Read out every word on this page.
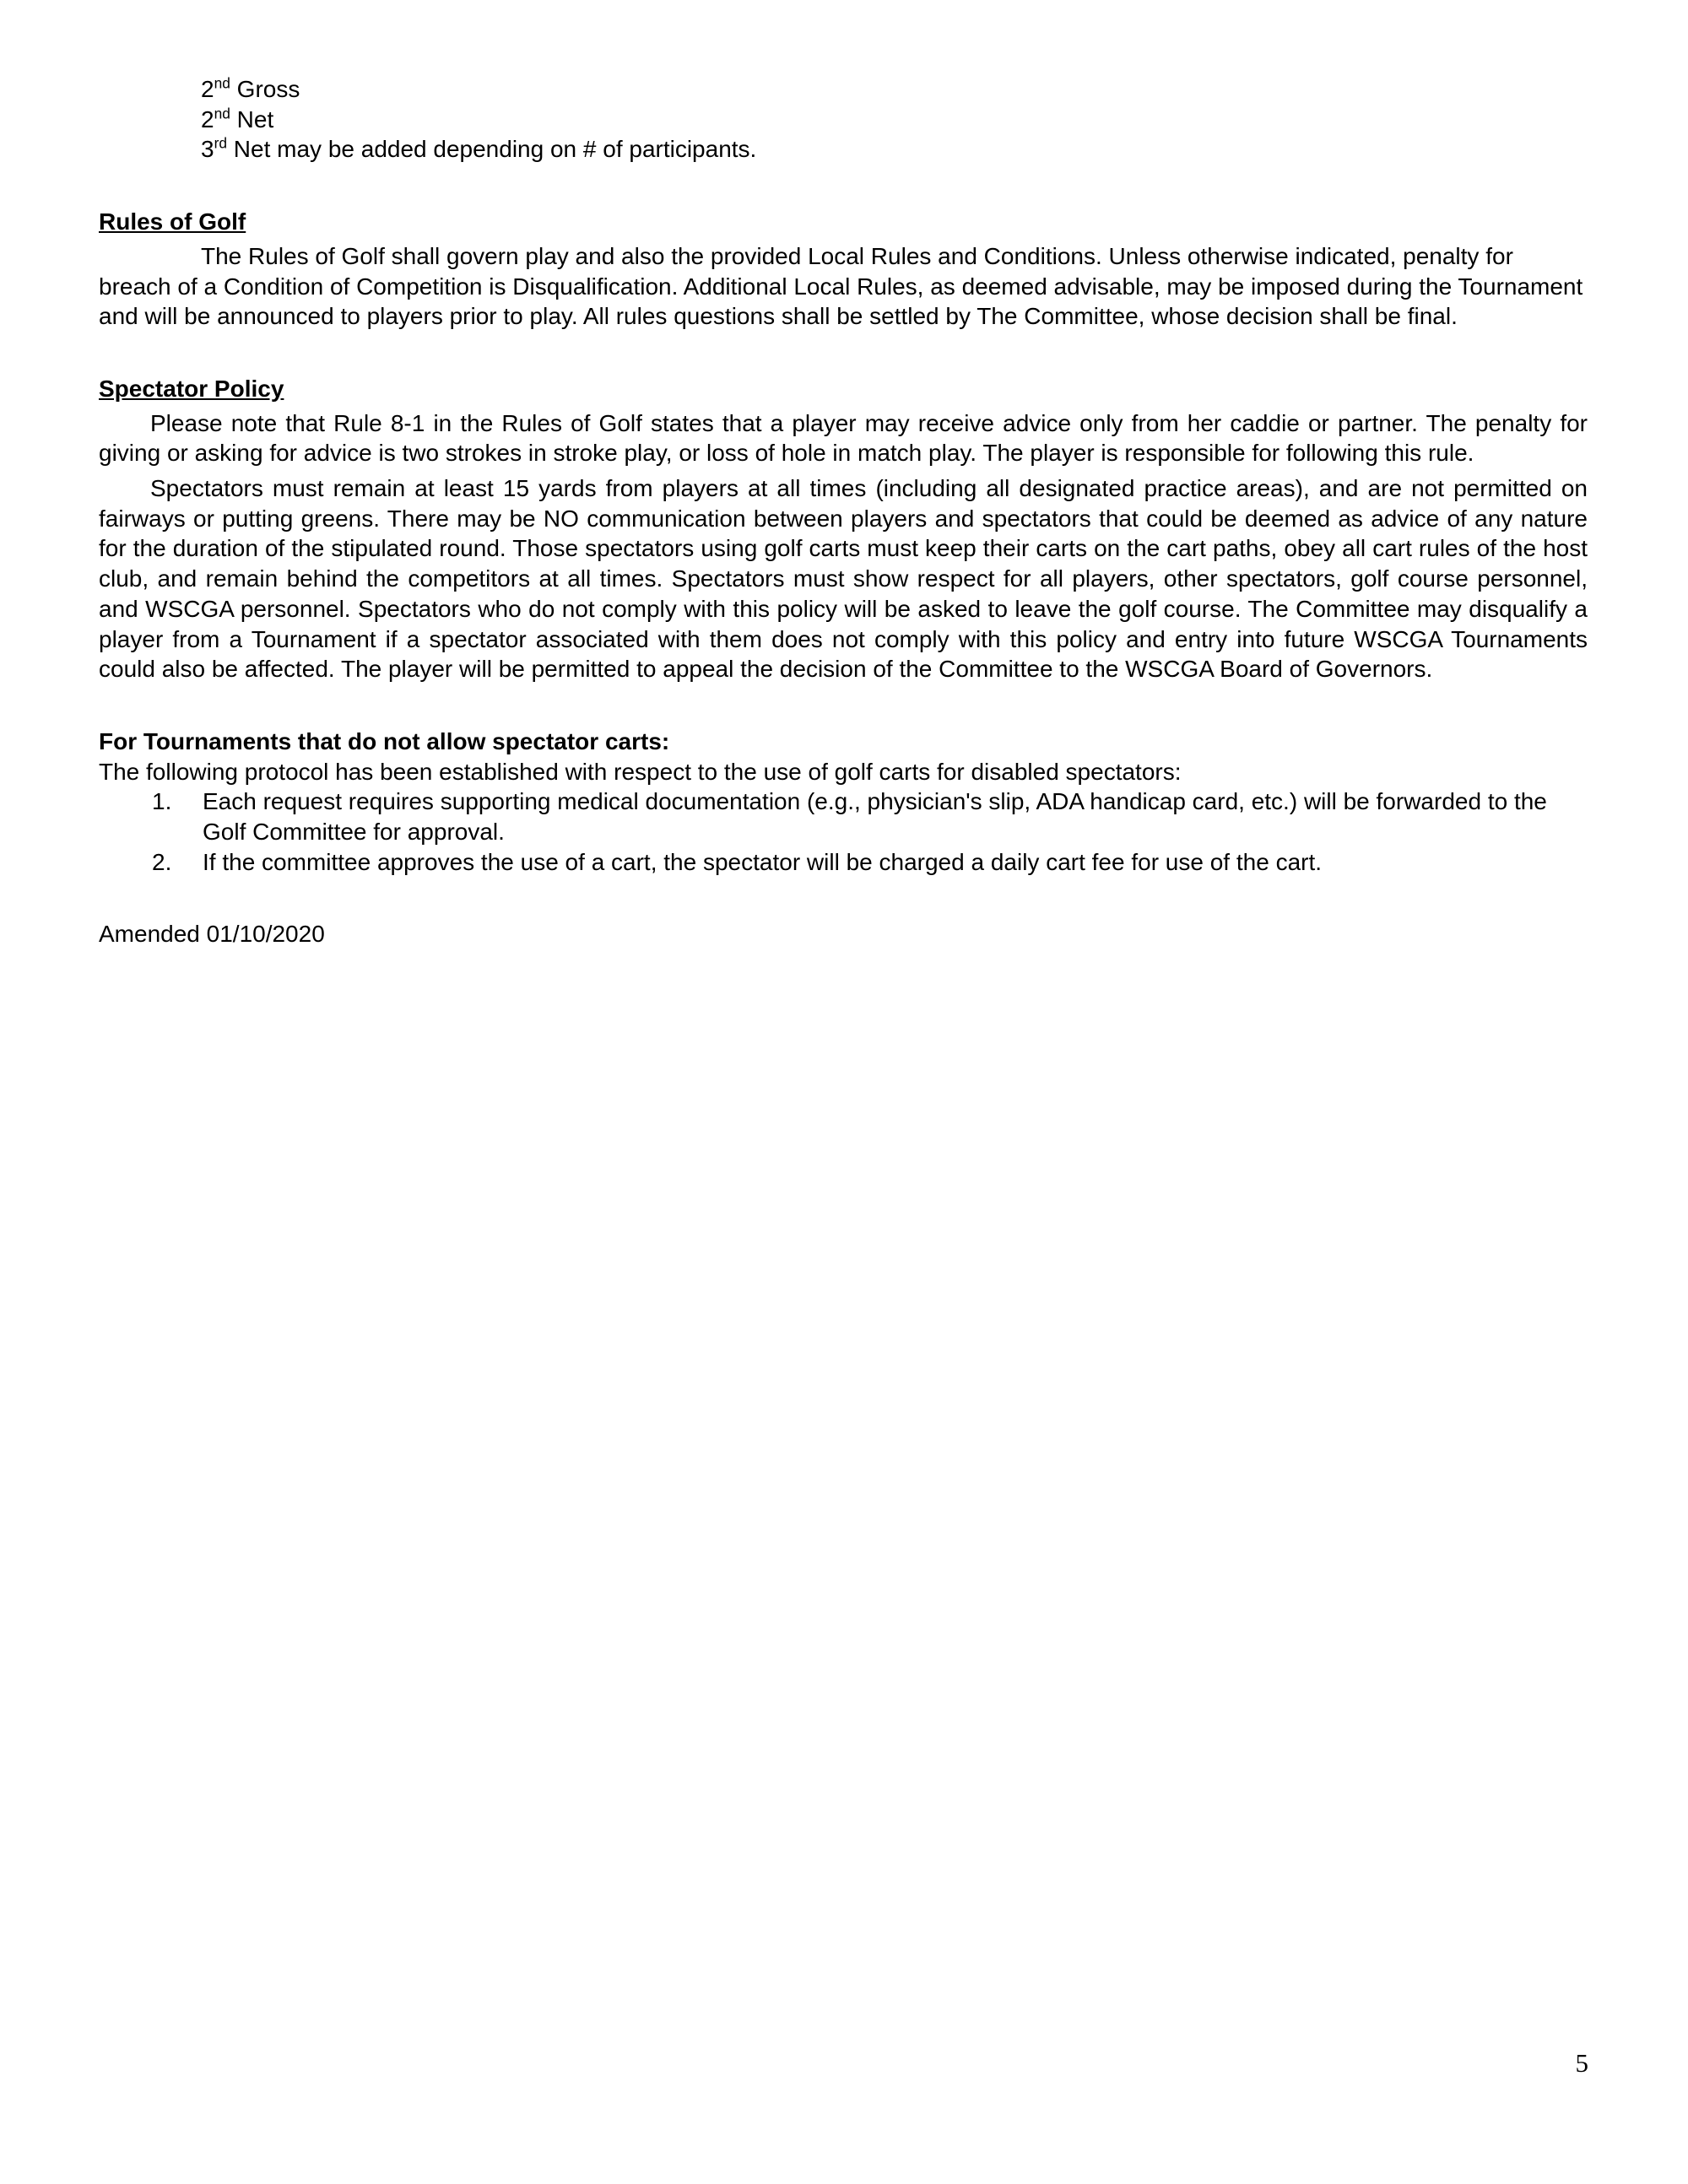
2nd Gross
2nd Net
3rd Net may be added depending on # of participants.
Rules of Golf

The Rules of Golf shall govern play and also the provided Local Rules and Conditions. Unless otherwise indicated, penalty for breach of a Condition of Competition is Disqualification. Additional Local Rules, as deemed advisable, may be imposed during the Tournament and will be announced to players prior to play. All rules questions shall be settled by The Committee, whose decision shall be final.

Spectator Policy

Please note that Rule 8-1 in the Rules of Golf states that a player may receive advice only from her caddie or partner. The penalty for giving or asking for advice is two strokes in stroke play, or loss of hole in match play. The player is responsible for following this rule.

Spectators must remain at least 15 yards from players at all times (including all designated practice areas), and are not permitted on fairways or putting greens. There may be NO communication between players and spectators that could be deemed as advice of any nature for the duration of the stipulated round. Those spectators using golf carts must keep their carts on the cart paths, obey all cart rules of the host club, and remain behind the competitors at all times. Spectators must show respect for all players, other spectators, golf course personnel, and WSCGA personnel. Spectators who do not comply with this policy will be asked to leave the golf course. The Committee may disqualify a player from a Tournament if a spectator associated with them does not comply with this policy and entry into future WSCGA Tournaments could also be affected. The player will be permitted to appeal the decision of the Committee to the WSCGA Board of Governors.

For Tournaments that do not allow spectator carts:

The following protocol has been established with respect to the use of golf carts for disabled spectators:

1. Each request requires supporting medical documentation (e.g., physician's slip, ADA handicap card, etc.) will be forwarded to the Golf Committee for approval.
2. If the committee approves the use of a cart, the spectator will be charged a daily cart fee for use of the cart.
Amended 01/10/2020
5
